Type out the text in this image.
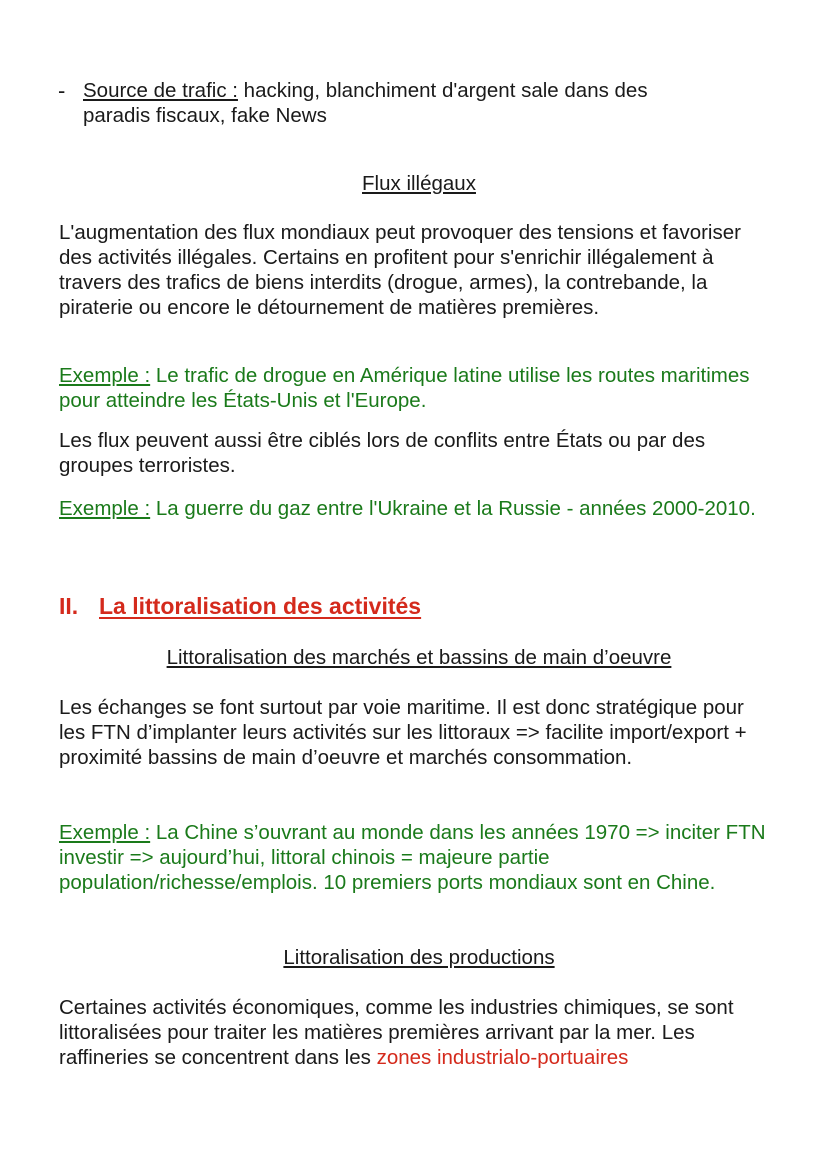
- Source de trafic : hacking, blanchiment d'argent sale dans des
paradis fiscaux, fake News

Flux illégaux

L'augmentation des flux mondiaux peut provoquer des tensions et favoriser des activités illégales. Certains en profitent pour s'enrichir illégalement à travers des trafics de biens interdits (drogue, armes), la contrebande, la piraterie ou encore le détournement de matières premières.

Exemple : Le trafic de drogue en Amérique latine utilise les routes maritimes pour atteindre les États-Unis et l'Europe.

Les flux peuvent aussi être ciblés lors de conflits entre États ou par des groupes terroristes.

Exemple : La guerre du gaz entre l'Ukraine et la Russie - années 2000-2010.

II. La littoralisation des activités

Littoralisation des marchés et bassins de main d’oeuvre

Les échanges se font surtout par voie maritime. Il est donc stratégique pour les FTN d’implanter leurs activités sur les littoraux => facilite import/export + proximité bassins de main d’oeuvre et marchés consommation.

Exemple : La Chine s’ouvrant au monde dans les années 1970 => inciter FTN investir => aujourd’hui, littoral chinois = majeure partie population/richesse/emplois. 10 premiers ports mondiaux sont en Chine.

Littoralisation des productions

Certaines activités économiques, comme les industries chimiques, se sont littoralisées pour traiter les matières premières arrivant par la mer. Les raffineries se concentrent dans les zones industrialo-portuaires
